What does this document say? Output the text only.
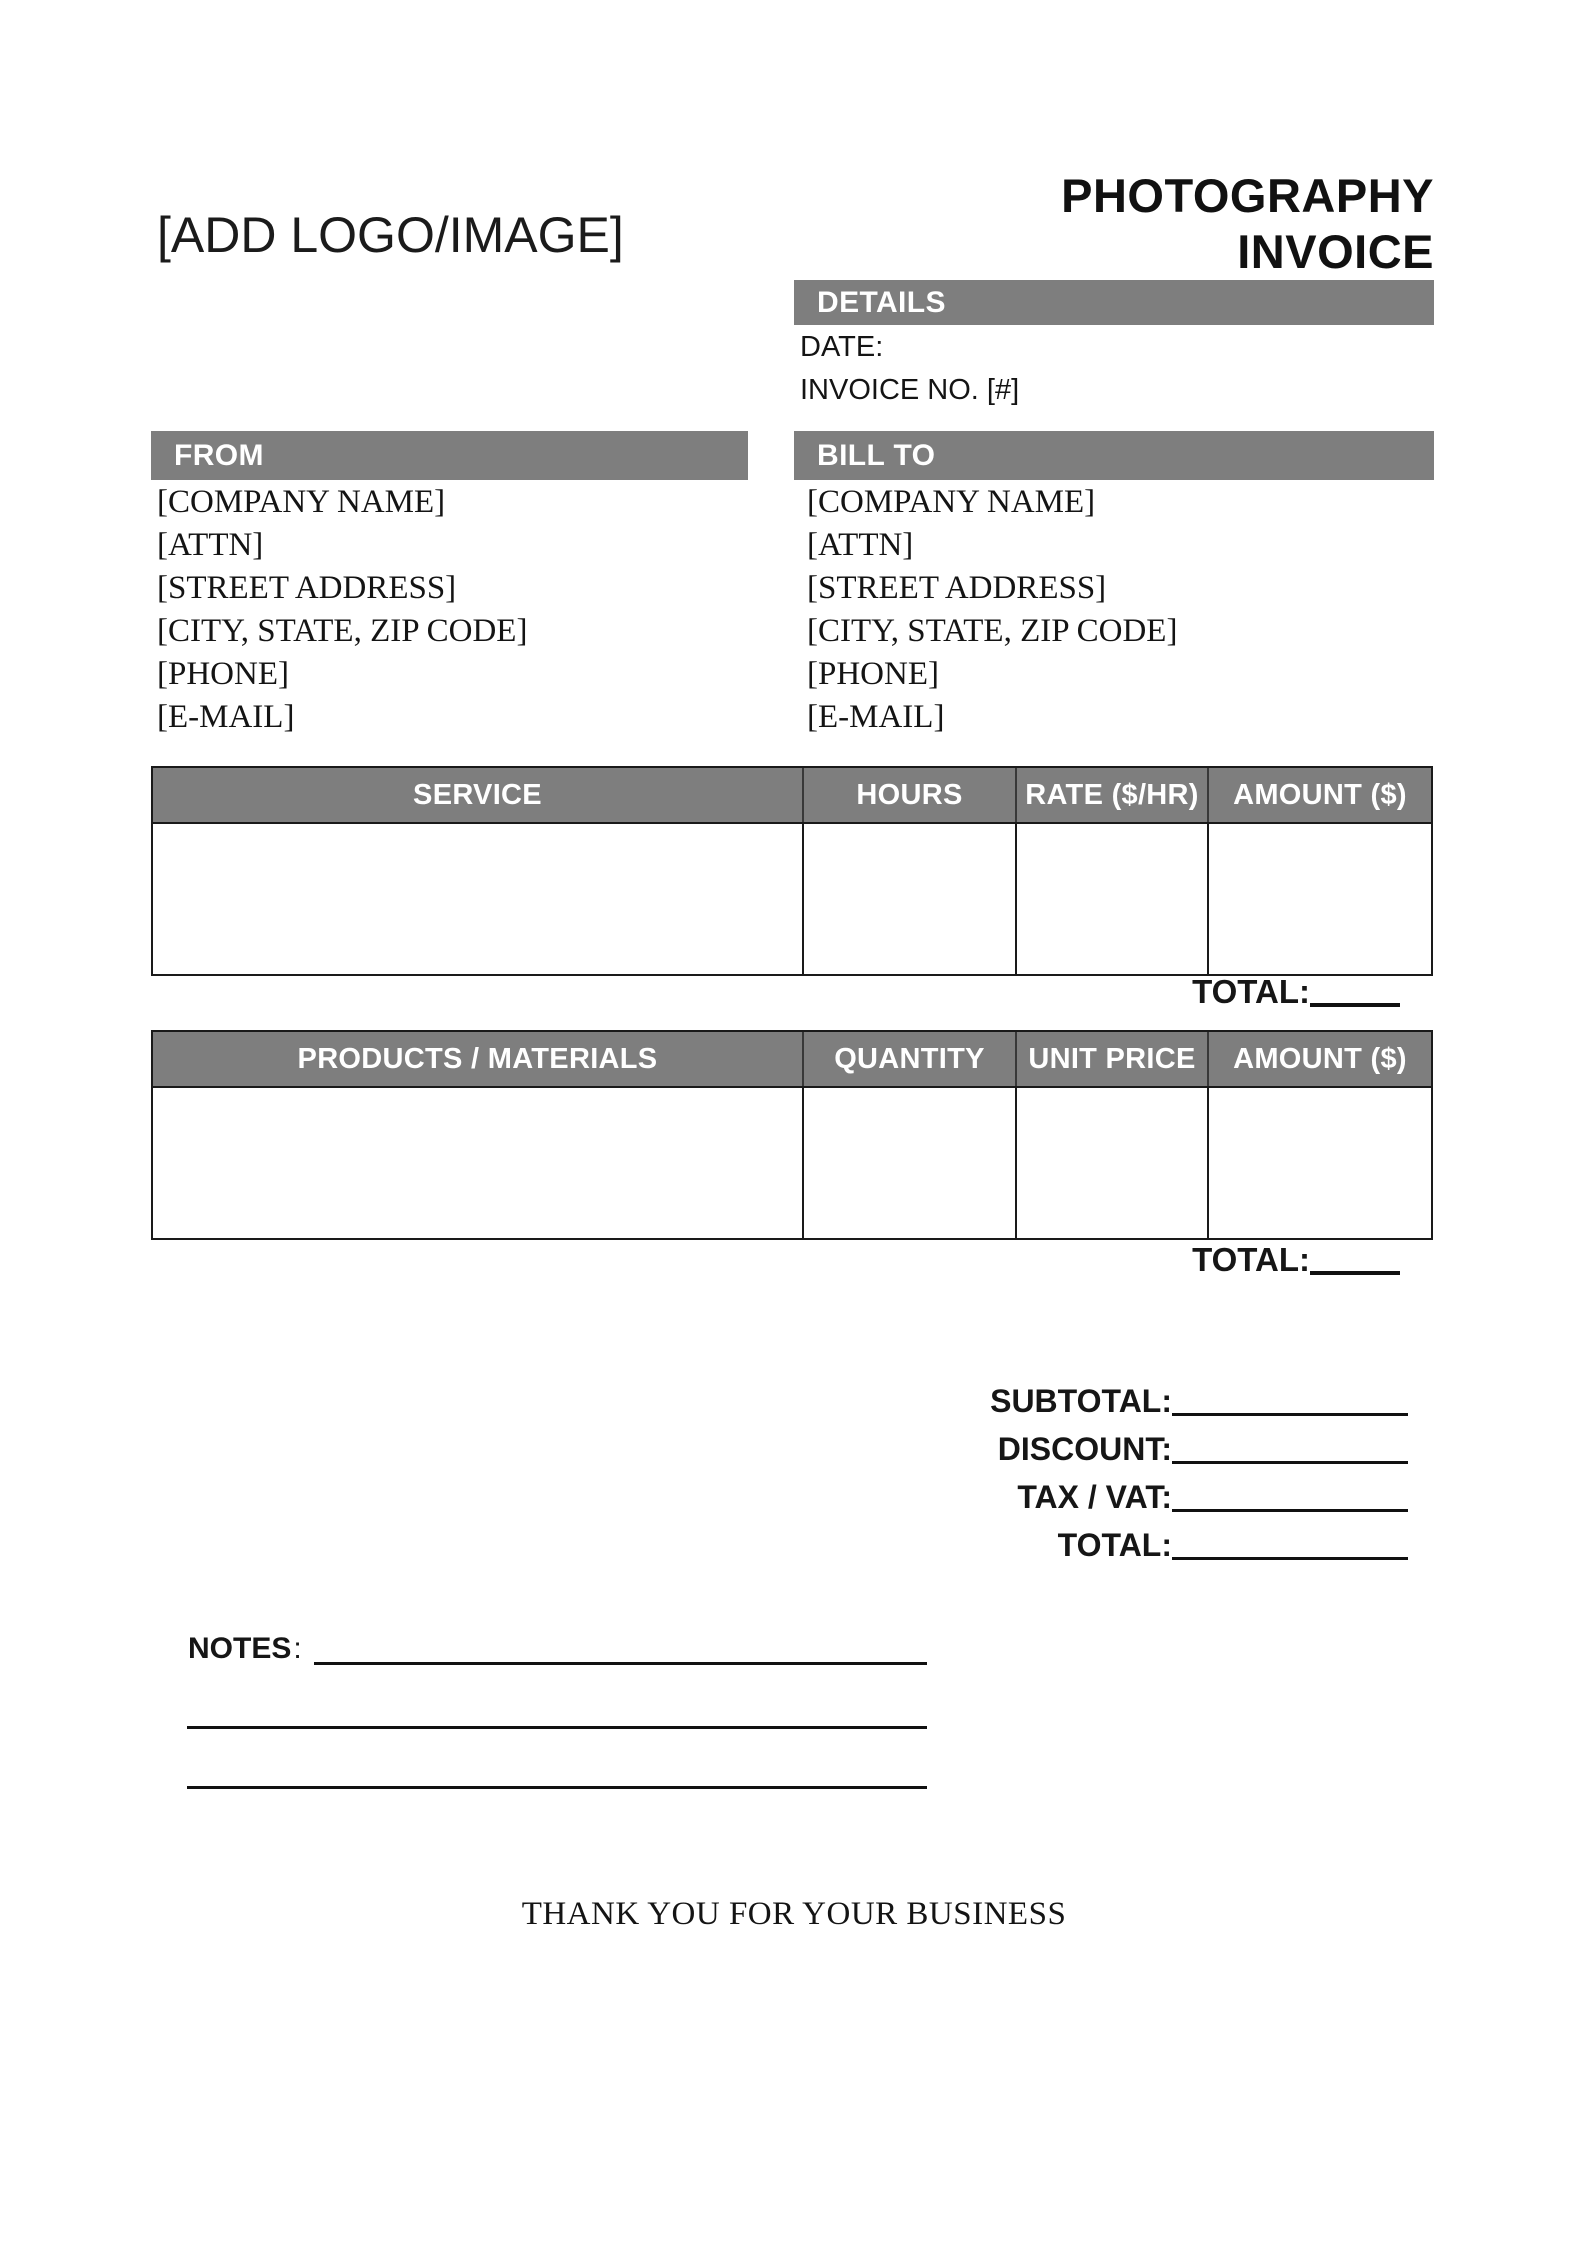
[ADD LOGO/IMAGE]
PHOTOGRAPHY
INVOICE
DETAILS
DATE:
INVOICE NO. [#]
FROM
[COMPANY NAME]
[ATTN]
[STREET ADDRESS]
[CITY, STATE, ZIP CODE]
[PHONE]
[E-MAIL]
BILL TO
[COMPANY NAME]
[ATTN]
[STREET ADDRESS]
[CITY, STATE, ZIP CODE]
[PHONE]
[E-MAIL]
SERVICE	HOURS	RATE ($/HR)	AMOUNT ($)
TOTAL:
PRODUCTS / MATERIALS	QUANTITY	UNIT PRICE	AMOUNT ($)
TOTAL:
SUBTOTAL:
DISCOUNT:
TAX / VAT:
TOTAL:
NOTES :
THANK YOU FOR YOUR BUSINESS
